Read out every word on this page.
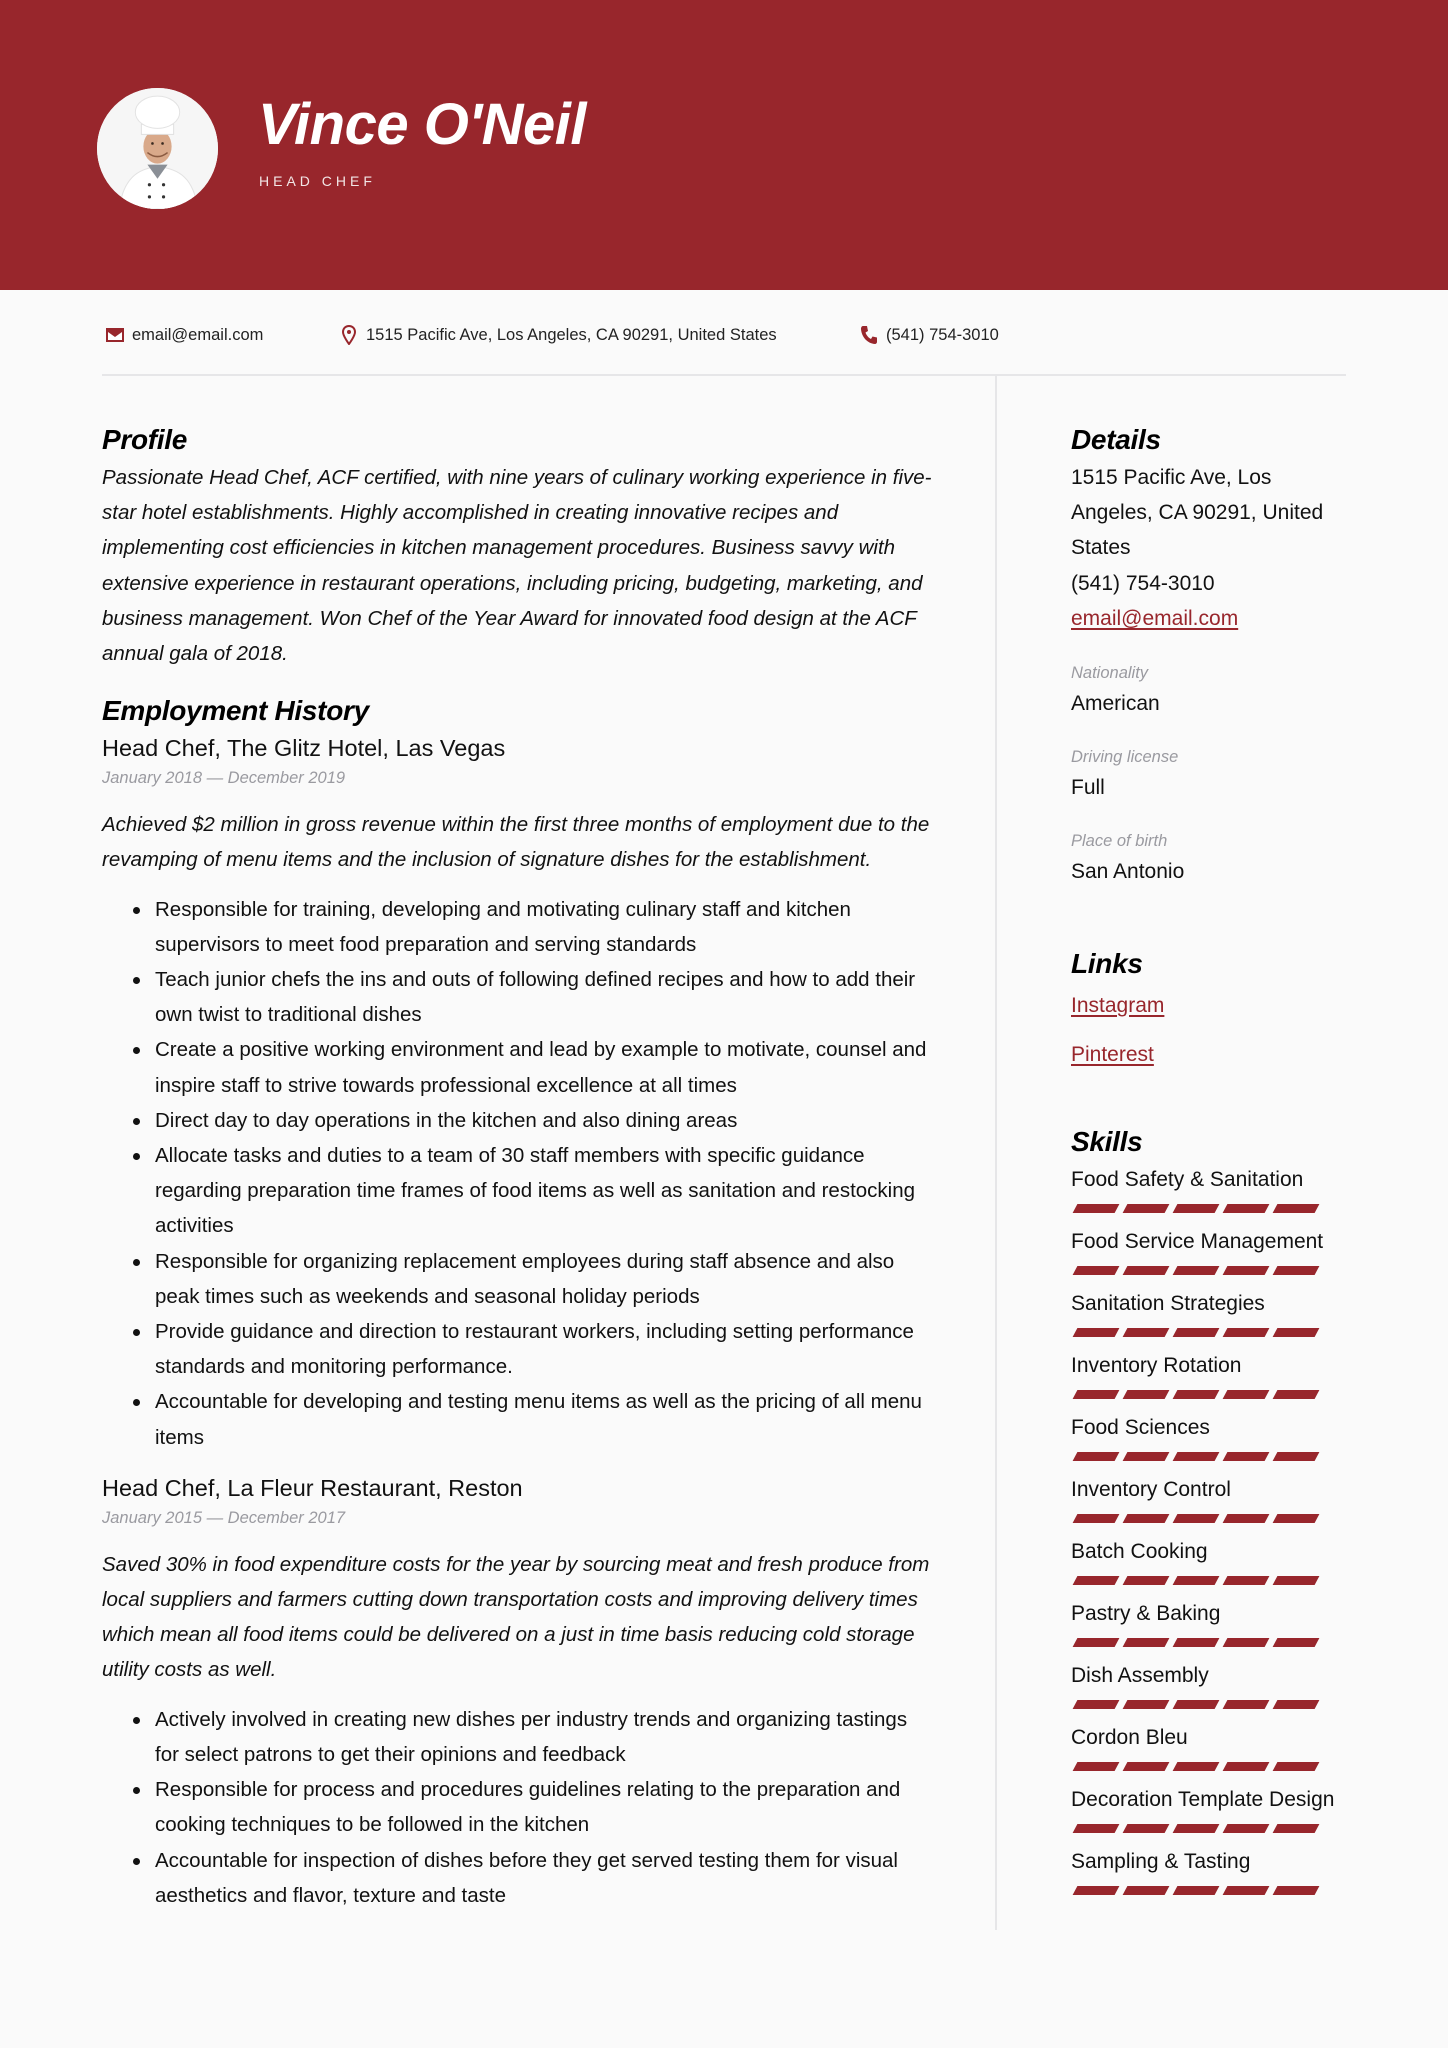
Vince O'Neil
HEAD CHEF
email@email.com	1515 Pacific Ave, Los Angeles, CA 90291, United States	(541) 754-3010
Profile

Passionate Head Chef, ACF certified, with nine years of culinary working experience in five-star hotel establishments. Highly accomplished in creating innovative recipes and implementing cost efficiencies in kitchen management procedures. Business savvy with extensive experience in restaurant operations, including pricing, budgeting, marketing, and business management. Won Chef of the Year Award for innovated food design at the ACF annual gala of 2018.

Employment History
Head Chef, The Glitz Hotel, Las Vegas
January 2018 — December 2019

Achieved $2 million in gross revenue within the first three months of employment due to the revamping of menu items and the inclusion of signature dishes for the establishment.

Responsible for training, developing and motivating culinary staff and kitchen supervisors to meet food preparation and serving standards
Teach junior chefs the ins and outs of following defined recipes and how to add their own twist to traditional dishes
Create a positive working environment and lead by example to motivate, counsel and inspire staff to strive towards professional excellence at all times
Direct day to day operations in the kitchen and also dining areas
Allocate tasks and duties to a team of 30 staff members with specific guidance regarding preparation time frames of food items as well as sanitation and restocking activities
Responsible for organizing replacement employees during staff absence and also peak times such as weekends and seasonal holiday periods
Provide guidance and direction to restaurant workers, including setting performance standards and monitoring performance.
Accountable for developing and testing menu items as well as the pricing of all menu items
Head Chef, La Fleur Restaurant, Reston
January 2015 — December 2017

Saved 30% in food expenditure costs for the year by sourcing meat and fresh produce from local suppliers and farmers cutting down transportation costs and improving delivery times which mean all food items could be delivered on a just in time basis reducing cold storage utility costs as well.

Actively involved in creating new dishes per industry trends and organizing tastings for select patrons to get their opinions and feedback
Responsible for process and procedures guidelines relating to the preparation and cooking techniques to be followed in the kitchen
Accountable for inspection of dishes before they get served testing them for visual aesthetics and flavor, texture and taste
Details
1515 Pacific Ave, Los
Angeles, CA 90291, United
States
(541) 754-3010
email@email.com
Nationality
American
Driving license
Full
Place of birth
San Antonio
Links
Instagram
Pinterest
Skills
Food Safety & Sanitation
Food Service Management
Sanitation Strategies
Inventory Rotation
Food Sciences
Inventory Control
Batch Cooking
Pastry & Baking
Dish Assembly
Cordon Bleu
Decoration Template Design
Sampling & Tasting
